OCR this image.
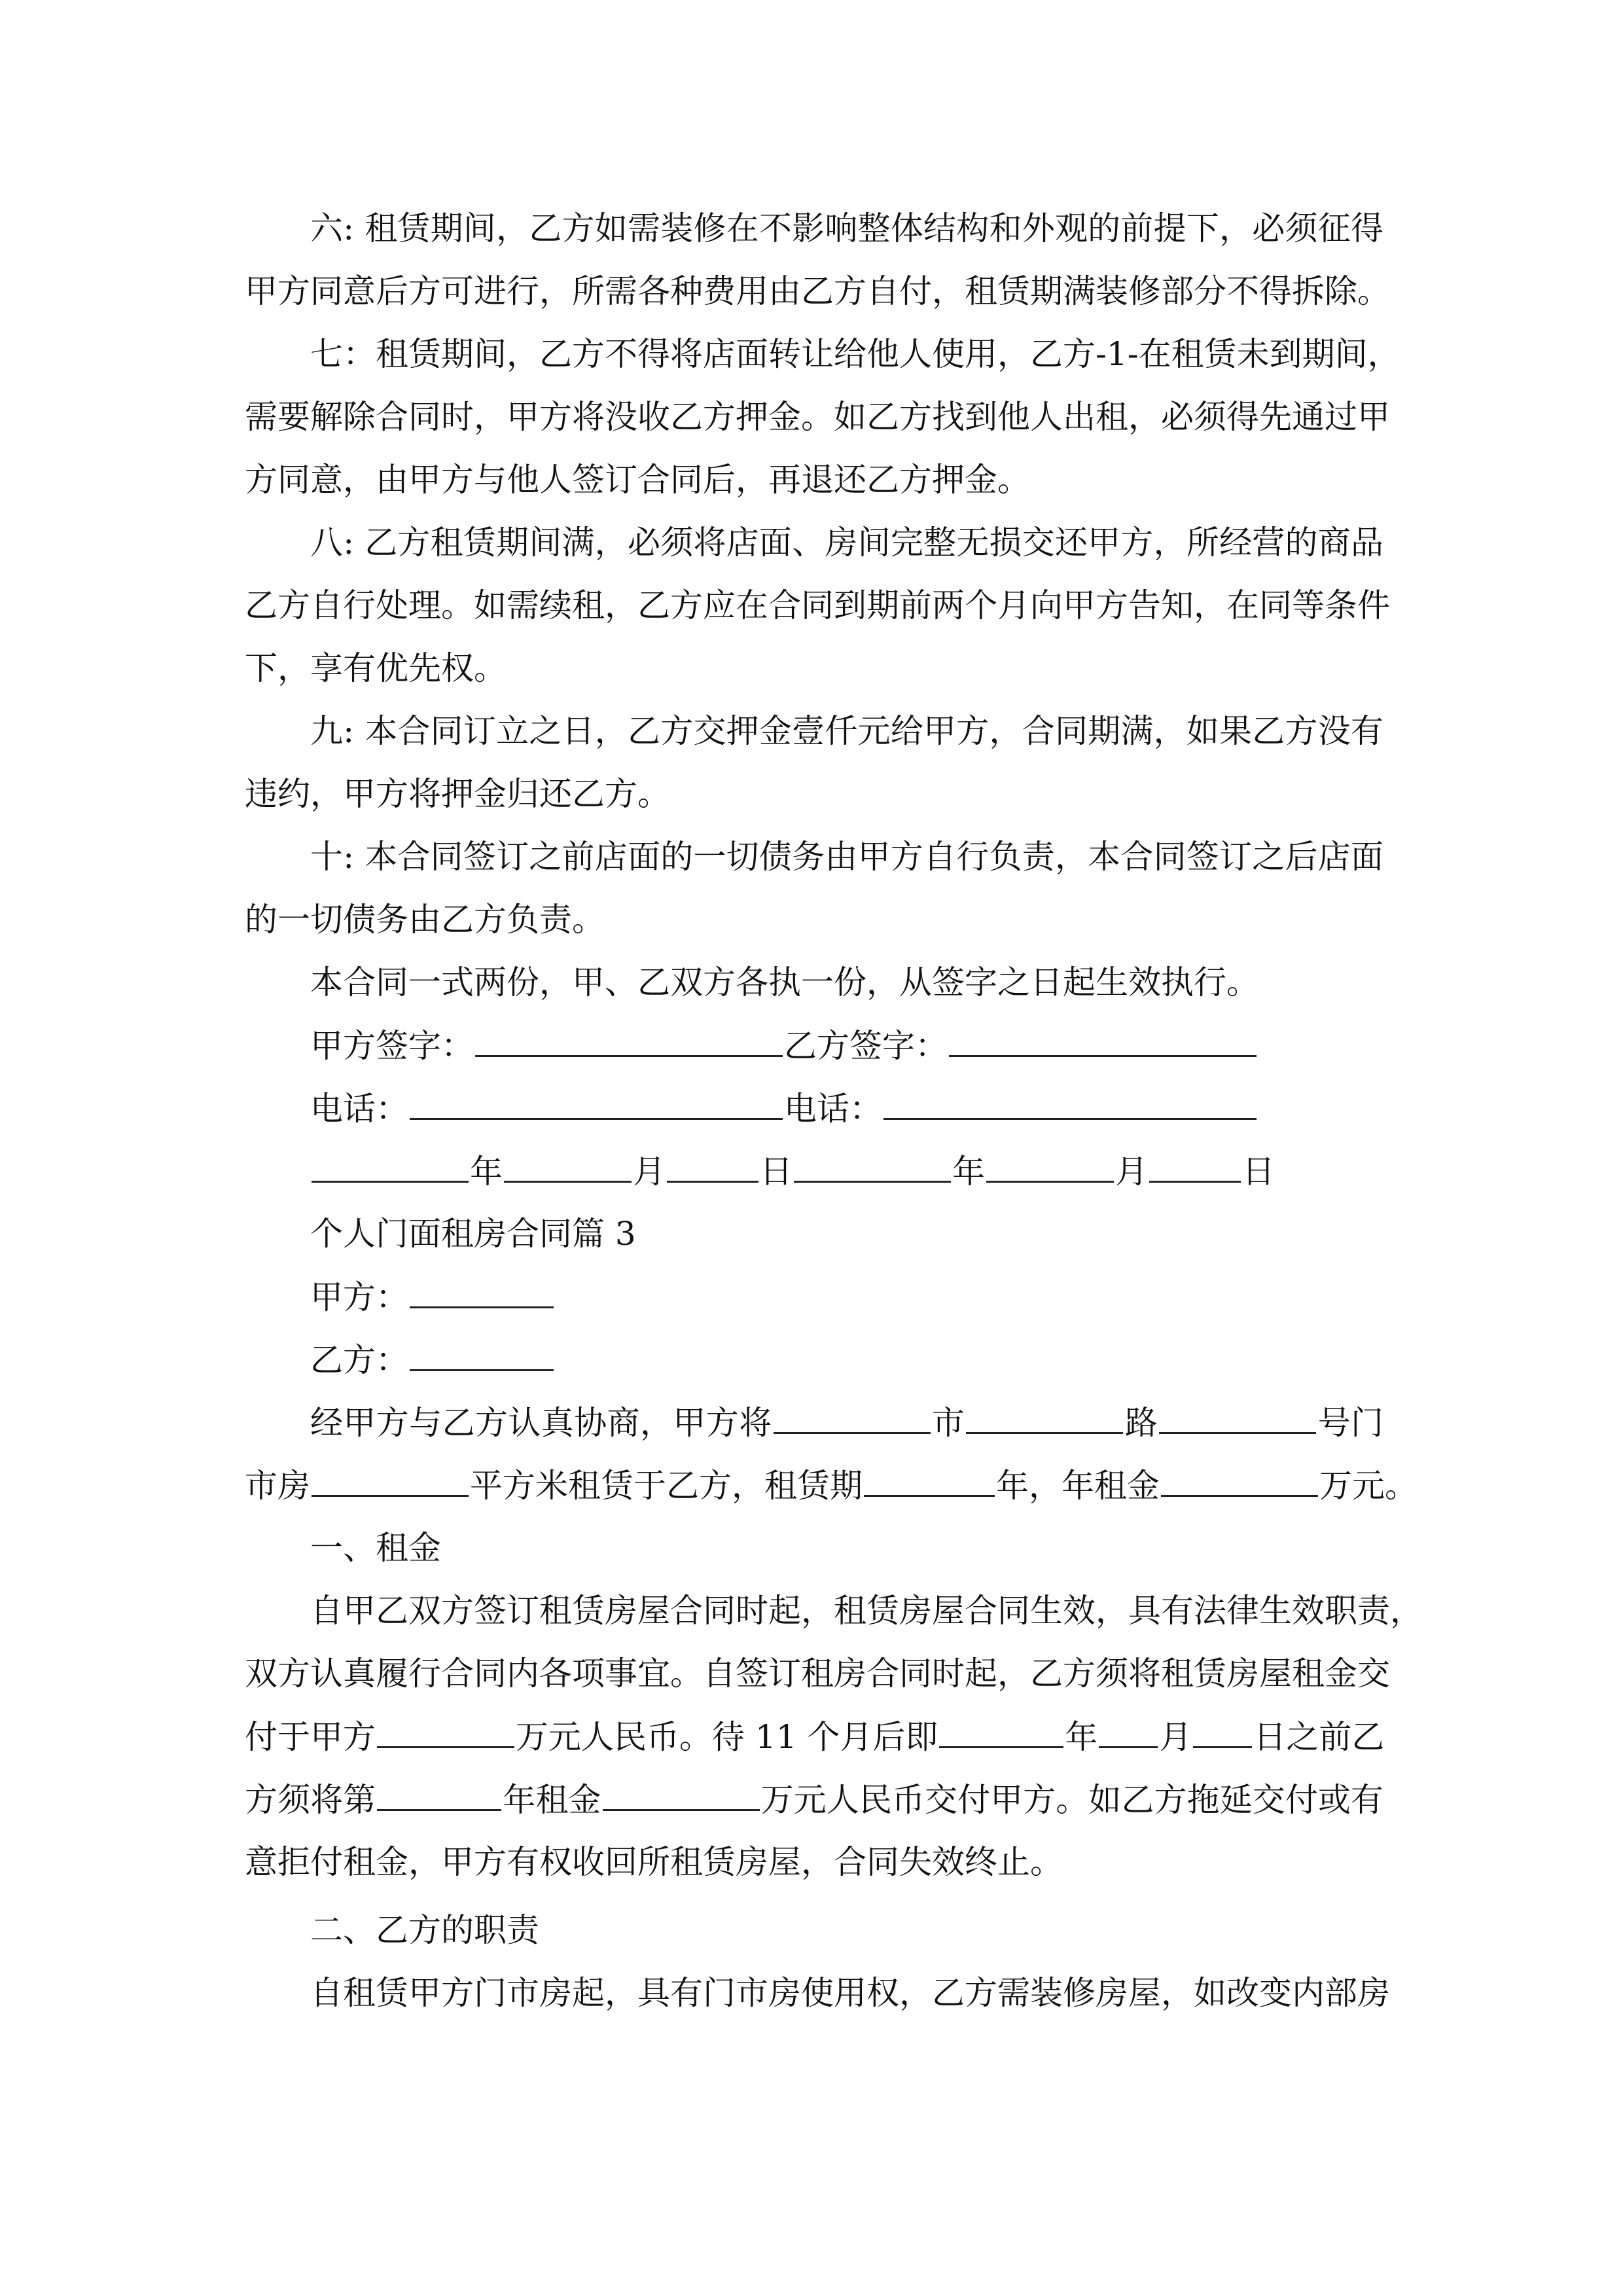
六: 租赁期间，乙方如需装修在不影响整体结构和外观的前提下，必须征得
甲方同意后方可进行，所需各种费用由乙方自付，租赁期满装修部分不得拆除。
七：租赁期间，乙方不得将店面转让给他人使用，乙方-1-在租赁未到期间，
需要解除合同时，甲方将没收乙方押金。如乙方找到他人出租，必须得先通过甲
方同意，由甲方与他人签订合同后，再退还乙方押金。
八: 乙方租赁期间满，必须将店面、房间完整无损交还甲方，所经营的商品
乙方自行处理。如需续租，乙方应在合同到期前两个月向甲方告知，在同等条件
下，享有优先权。
九: 本合同订立之日，乙方交押金壹仟元给甲方，合同期满，如果乙方没有
违约，甲方将押金归还乙方。
十: 本合同签订之前店面的一切债务由甲方自行负责，本合同签订之后店面
的一切债务由乙方负责。
本合同一式两份，甲、乙双方各执一份，从签字之日起生效执行。
甲方签字：	乙方签字：
电话：	电话：
年	月	日	年	月	日
个人门面租房合同篇 3
甲方：
乙方：
经甲方与乙方认真协商，甲方将	市	路	号门
市房	平方米租赁于乙方，租赁期	年，年租金	万元。
一、租金
自甲乙双方签订租赁房屋合同时起，租赁房屋合同生效，具有法律生效职责，
双方认真履行合同内各项事宜。自签订租房合同时起，乙方须将租赁房屋租金交
付于甲方	万元人民币。待 11 个月后即	年 月 日之前乙
方须将第	年租金	万元人民币交付甲方。如乙方拖延交付或有
意拒付租金，甲方有权收回所租赁房屋，合同失效终止。
二、乙方的职责
自租赁甲方门市房起，具有门市房使用权，乙方需装修房屋，如改变内部房
